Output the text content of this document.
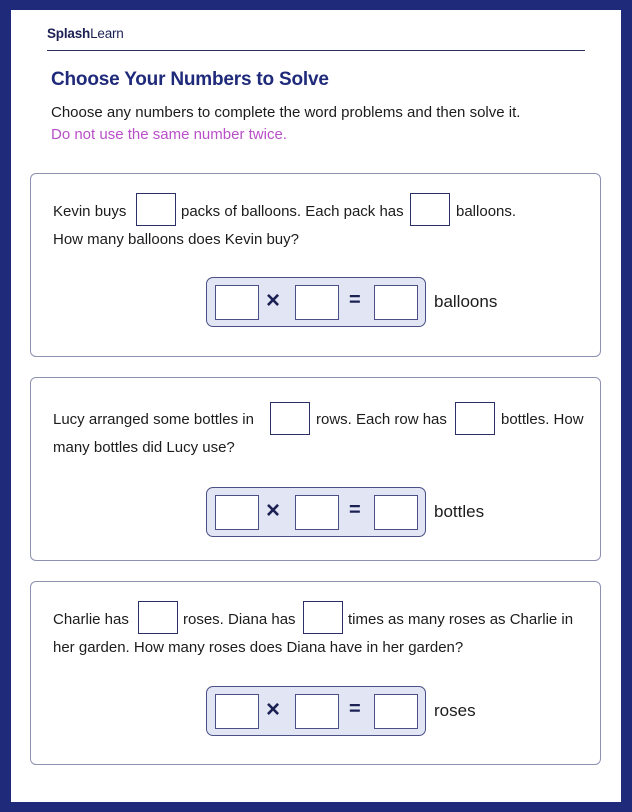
SplashLearn
Choose Your Numbers to Solve
Choose any numbers to complete the word problems and then solve it.
Do not use the same number twice.
Kevin buys	packs of balloons. Each pack has	balloons.
How many balloons does Kevin buy?
×	=	balloons
Lucy arranged some bottles in	rows. Each row has	bottles. How
many bottles did Lucy use?
×	=	bottles
Charlie has	roses. Diana has	times as many roses as Charlie in
her garden. How many roses does Diana have in her garden?
×	=	roses
